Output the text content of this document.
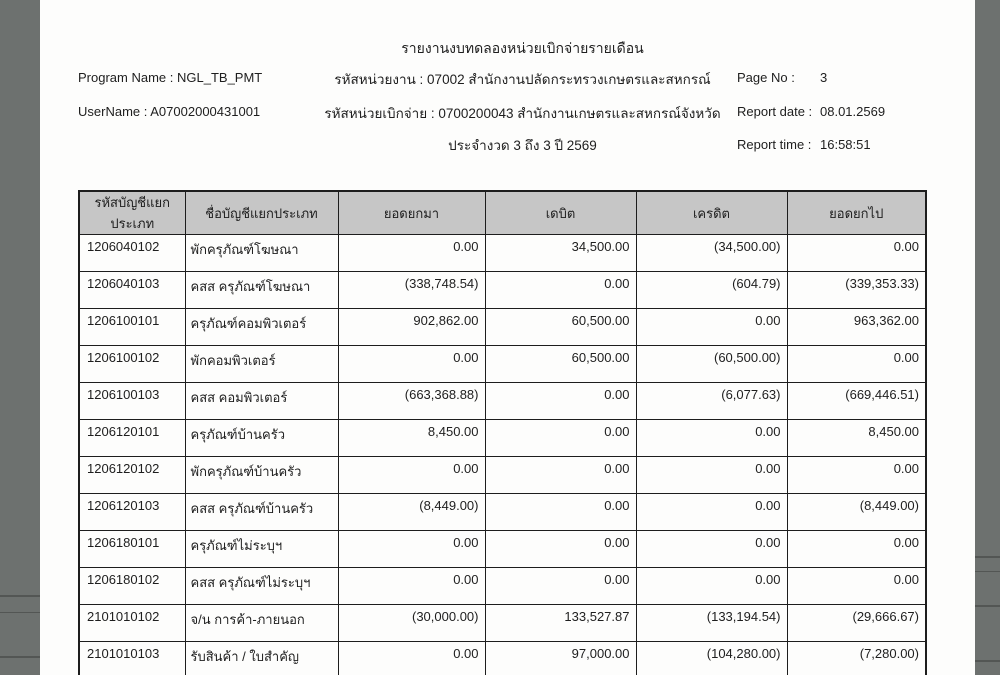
รายงานงบทดลองหน่วยเบิกจ่ายรายเดือน
Program Name : NGL_TB_PMT	รหัสหน่วยงาน : 07002 สำนักงานปลัดกระทรวงเกษตรและสหกรณ์	Page No : 3
UserName : A07002000431001	รหัสหน่วยเบิกจ่าย : 0700200043 สำนักงานเกษตรและสหกรณ์จังหวัด	Report date : 08.01.2569
ประจำงวด 3 ถึง 3 ปี 2569	Report time : 16:58:51
รหัสบัญชีแยกประเภท	ชื่อบัญชีแยกประเภท	ยอดยกมา	เดบิต	เครดิต	ยอดยกไป
1206040102	พักครุภัณฑ์โฆษณา	0.00	34,500.00	(34,500.00)	0.00
1206040103	คสส ครุภัณฑ์โฆษณา	(338,748.54)	0.00	(604.79)	(339,353.33)
1206100101	ครุภัณฑ์คอมพิวเตอร์	902,862.00	60,500.00	0.00	963,362.00
1206100102	พักคอมพิวเตอร์	0.00	60,500.00	(60,500.00)	0.00
1206100103	คสส คอมพิวเตอร์	(663,368.88)	0.00	(6,077.63)	(669,446.51)
1206120101	ครุภัณฑ์บ้านครัว	8,450.00	0.00	0.00	8,450.00
1206120102	พักครุภัณฑ์บ้านครัว	0.00	0.00	0.00	0.00
1206120103	คสส ครุภัณฑ์บ้านครัว	(8,449.00)	0.00	0.00	(8,449.00)
1206180101	ครุภัณฑ์ไม่ระบุฯ	0.00	0.00	0.00	0.00
1206180102	คสส ครุภัณฑ์ไม่ระบุฯ	0.00	0.00	0.00	0.00
2101010102	จ/น การค้า-ภายนอก	(30,000.00)	133,527.87	(133,194.54)	(29,666.67)
2101010103	รับสินค้า / ใบสำคัญ	0.00	97,000.00	(104,280.00)	(7,280.00)
